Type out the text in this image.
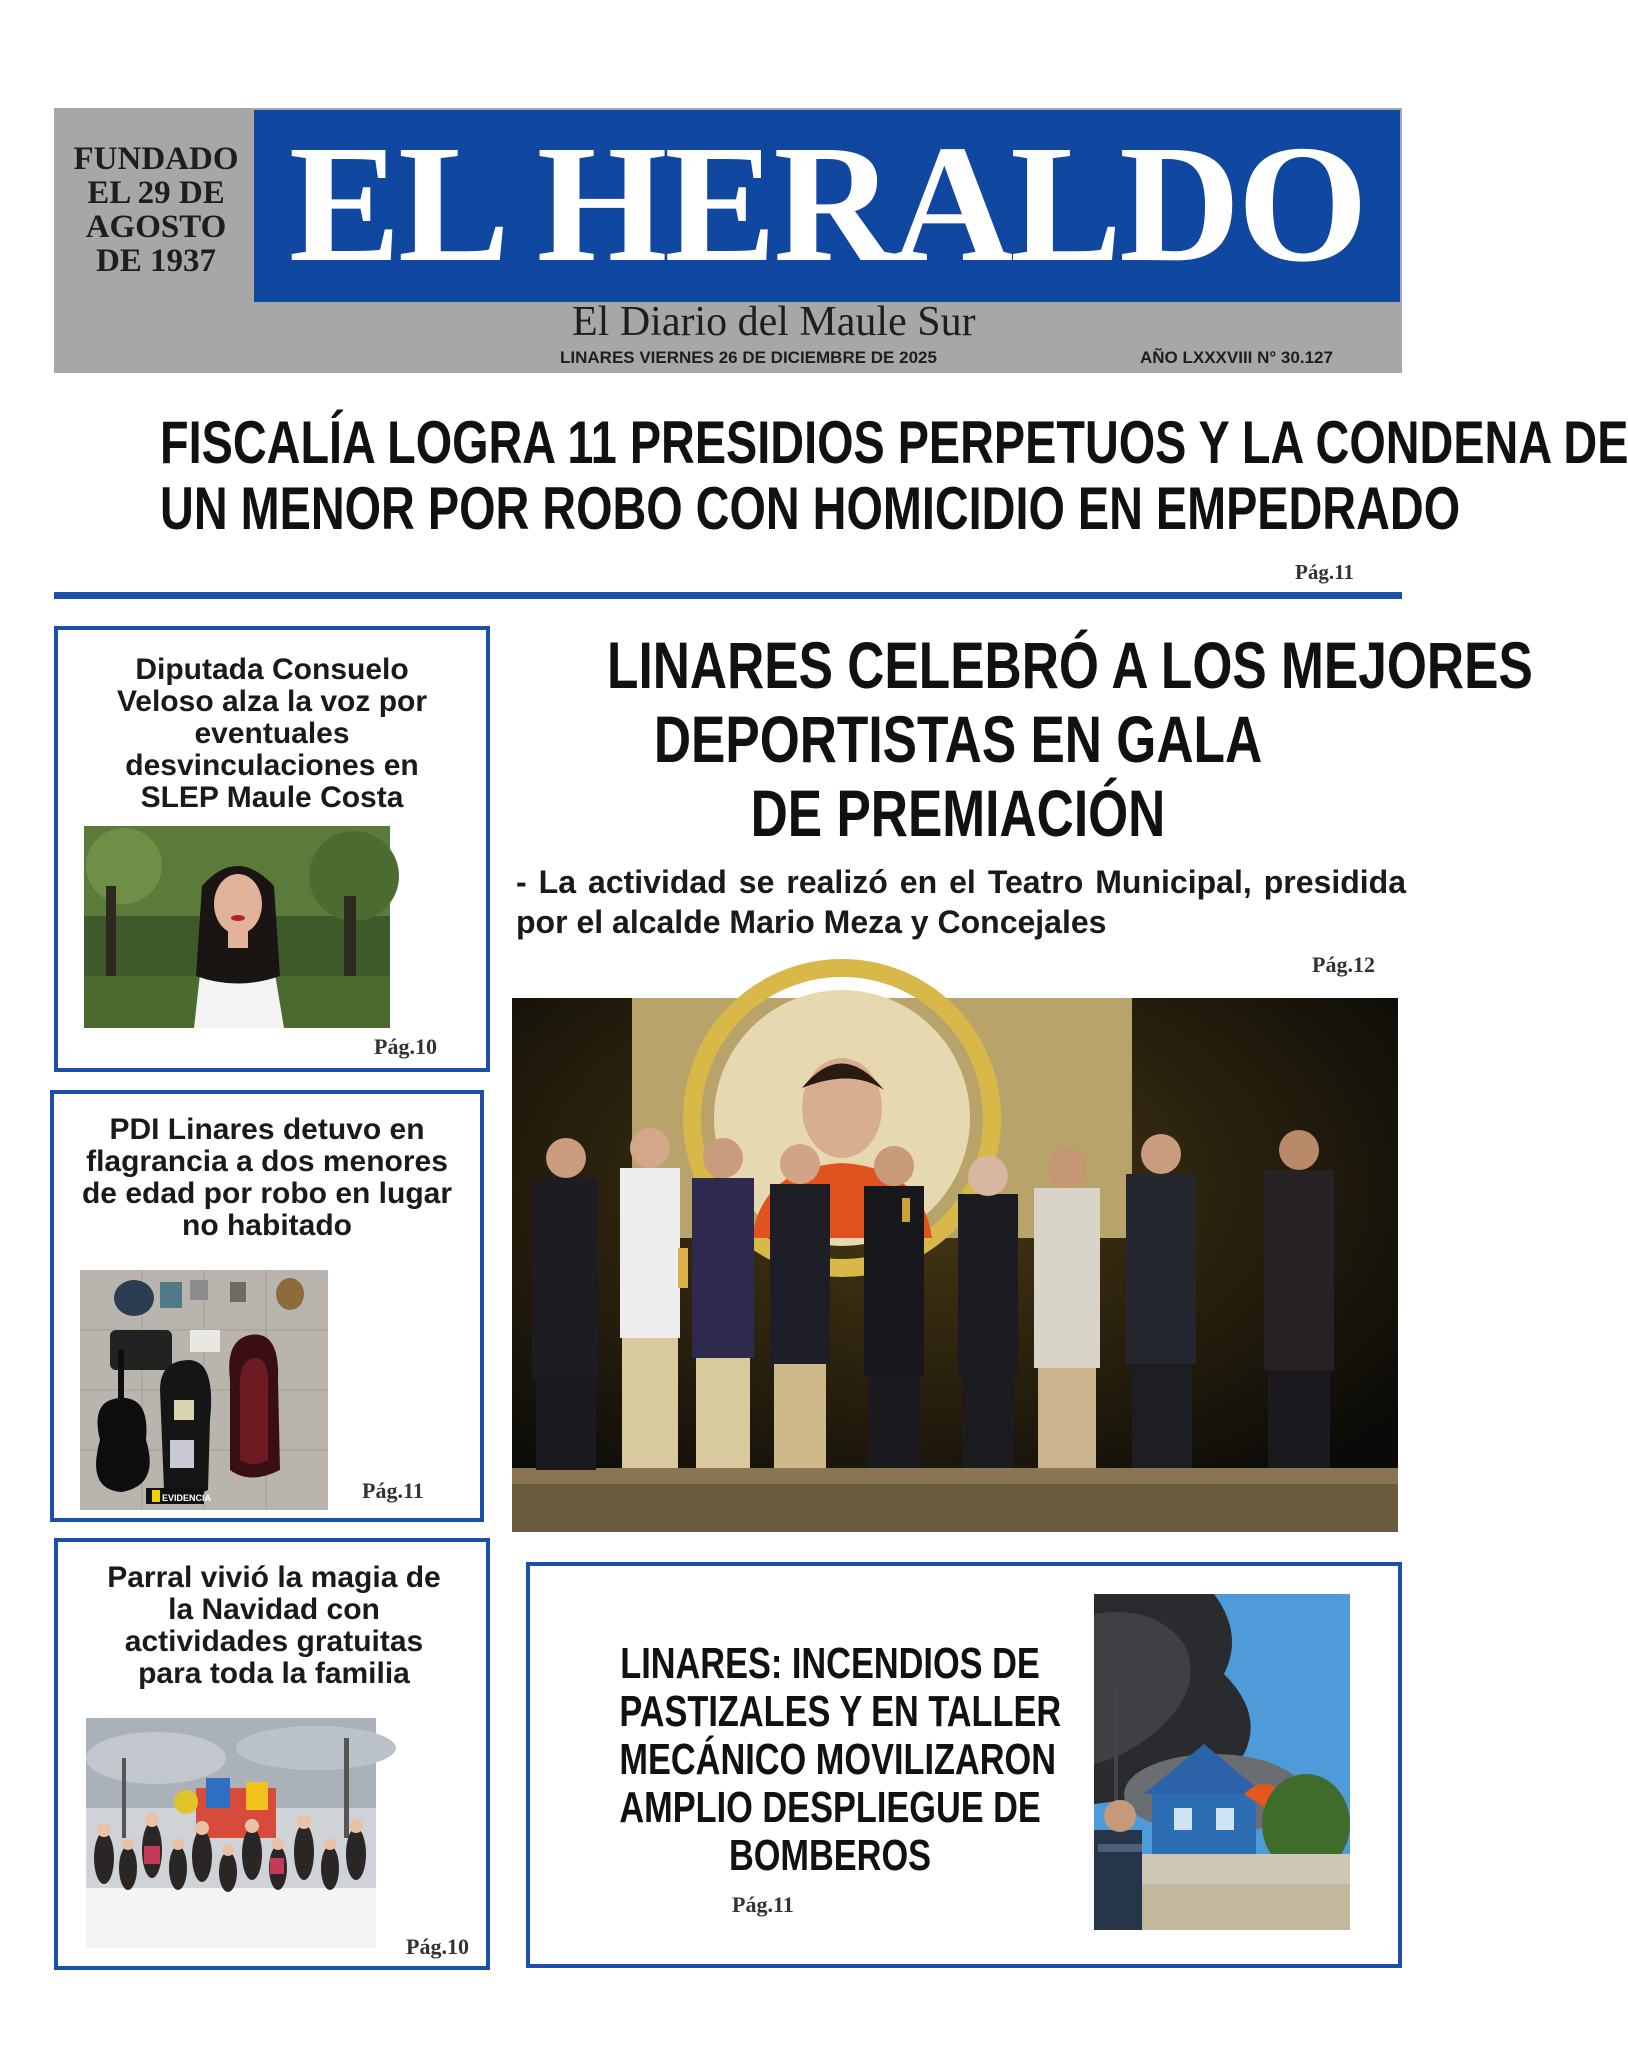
FUNDADO
EL 29 DE
AGOSTO
DE 1937 EL HERALDO
El Diario del Maule Sur
LINARES VIERNES 26 DE DICIEMBRE DE 2025	AÑO LXXXVIII N° 30.127
FISCALÍA LOGRA 11 PRESIDIOS PERPETUOS Y LA CONDENA DE
UN MENOR POR ROBO CON HOMICIDIO EN EMPEDRADO
Pág.11
Diputada Consuelo
Veloso alza la voz por
eventuales
desvinculaciones en
SLEP Maule Costa
Pág.10
PDI Linares detuvo en
flagrancia a dos menores
de edad por robo en lugar
no habitado
EVIDENCIA	Pág.11
Parral vivió la magia de
la Navidad con
actividades gratuitas
para toda la familia
Pág.10
LINARES CELEBRÓ A LOS MEJORES
DEPORTISTAS EN GALA
DE PREMIACIÓN
- La actividad se realizó en el Teatro Municipal, presidida por el alcalde Mario Meza y Concejales
Pág.12
LINARES: INCENDIOS DE
PASTIZALES Y EN TALLER
MECÁNICO MOVILIZARON
AMPLIO DESPLIEGUE DE
BOMBEROS
Pág.11
